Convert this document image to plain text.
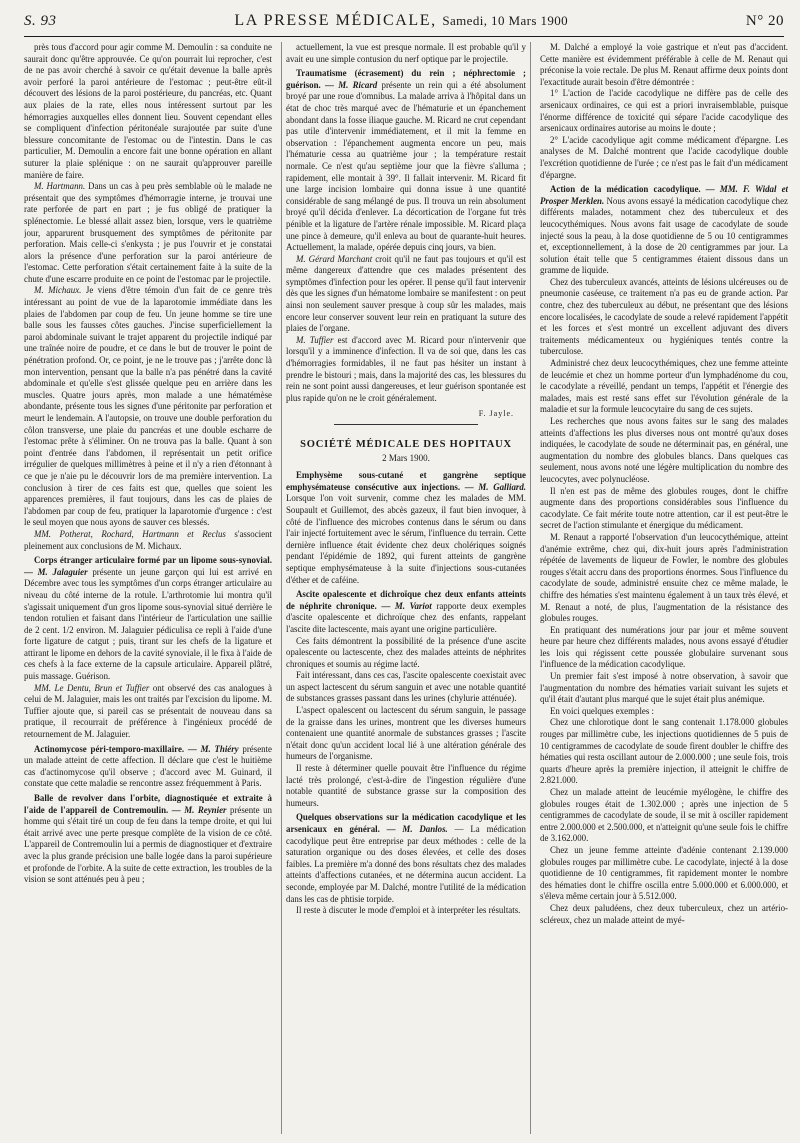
S. 93	LA PRESSE MÉDICALE, Samedi, 10 Mars 1900	N° 20

près tous d'accord pour agir comme M. Demoulin : sa conduite ne saurait donc qu'être approuvée. Ce qu'on pourrait lui reprocher, c'est de ne pas avoir cherché à savoir ce qu'était devenue la balle après avoir perforé la paroi antérieure de l'estomac ; peut-être eût-il découvert des lésions de la paroi postérieure, du pancréas, etc. Quant aux plaies de la rate, elles nous intéressent surtout par les hémorragies auxquelles elles donnent lieu. Souvent cependant elles se compliquent d'infection péritonéale surajoutée par suite d'une blessure concomitante de l'estomac ou de l'intestin. Dans le cas particulier, M. Demoulin a encore fait une bonne opération en allant suturer la plaie splénique : on ne saurait qu'approuver pareille manière de faire.

M. Hartmann. Dans un cas à peu près semblable où le malade ne présentait que des symptômes d'hémorragie interne, je trouvai une rate perforée de part en part ; je fus obligé de pratiquer la splénectomie. Le blessé allait assez bien, lorsque, vers le quatrième jour, apparurent brusquement des symptômes de péritonite par perforation. Mais celle-ci s'enkysta ; je pus l'ouvrir et je constatai alors la présence d'une perforation sur la paroi antérieure de l'estomac. Cette perforation s'était certainement faite à la suite de la chute d'une escarre produite en ce point de l'estomac par le projectile.

M. Michaux. Je viens d'être témoin d'un fait de ce genre très intéressant au point de vue de la laparotomie immédiate dans les plaies de l'abdomen par coup de feu. Un jeune homme se tire une balle sous les fausses côtes gauches. J'incise superficiellement la paroi abdominale suivant le trajet apparent du projectile indiqué par une traînée noire de poudre, et ce dans le but de trouver le point de pénétration profond. Or, ce point, je ne le trouve pas ; j'arrête donc là mon intervention, pensant que la balle n'a pas pénétré dans la cavité abdominale et qu'elle s'est glissée quelque peu en arrière dans les muscles. Quatre jours après, mon malade a une hématémèse abondante, présente tous les signes d'une péritonite par perforation et meurt le lendemain. A l'autopsie, on trouve une double perforation du côlon transverse, une plaie du pancréas et une double escharre de l'estomac prête à s'éliminer. On ne trouva pas la balle. Quant à son point d'entrée dans l'abdomen, il représentait un petit orifice irrégulier de quelques millimètres à peine et il n'y a rien d'étonnant à ce que je n'aie pu le découvrir lors de ma première intervention. La conclusion à tirer de ces faits est que, quelles que soient les apparences premières, il faut toujours, dans les cas de plaies de l'abdomen par coup de feu, pratiquer la laparotomie d'urgence : c'est le seul moyen que nous ayons de sauver ces blessés.

MM. Potherat, Rochard, Hartmann et Reclus s'associent pleinement aux conclusions de M. Michaux.

Corps étranger articulaire formé par un lipome sous-synovial. — M. Jalaguier présente un jeune garçon qui lui est arrivé en Décembre avec tous les symptômes d'un corps étranger articulaire au niveau du côté interne de la rotule. L'arthrotomie lui montra qu'il s'agissait uniquement d'un gros lipome sous-synovial situé derrière le tendon rotulien et faisant dans l'intérieur de l'articulation une saillie de 2 cent. 1/2 environ. M. Jalaguier pédiculisa ce repli à l'aide d'une forte ligature de catgut ; puis, tirant sur les chefs de la ligature et attirant le lipome en dehors de la cavité synoviale, il le fixa à l'aide de ces chefs à la face externe de la capsule articulaire. Appareil plâtré, puis massage. Guérison.

MM. Le Dentu, Brun et Tuffier ont observé des cas analogues à celui de M. Jalaguier, mais les ont traités par l'excision du lipome. M. Tuffier ajoute que, si pareil cas se présentait de nouveau dans sa pratique, il recourrait de préférence à l'ingénieux procédé de retournement de M. Jalaguier.

Actinomycose péri-temporo-maxillaire. — M. Thiéry présente un malade atteint de cette affection. Il déclare que c'est le huitième cas d'actinomycose qu'il observe ; d'accord avec M. Guinard, il constate que cette maladie se rencontre assez fréquemment à Paris.

Balle de revolver dans l'orbite, diagnostiquée et extraite à l'aide de l'appareil de Contremoulin. — M. Reynier présente un homme qui s'était tiré un coup de feu dans la tempe droite, et qui lui était arrivé avec une perte presque complète de la vision de ce côté. L'appareil de Contremoulin lui a permis de diagnostiquer et d'extraire avec la plus grande précision une balle logée dans la paroi supérieure et profonde de l'orbite. A la suite de cette extraction, les troubles de la vision se sont atténués peu à peu ;

actuellement, la vue est presque normale. Il est probable qu'il y avait eu une simple contusion du nerf optique par le projectile.

Traumatisme (écrasement) du rein ; néphrectomie ; guérison. — M. Ricard présente un rein qui a été absolument broyé par une roue d'omnibus. La malade arriva à l'hôpital dans un état de choc très marqué avec de l'hématurie et un épanchement abondant dans la fosse iliaque gauche. M. Ricard ne crut cependant pas utile d'intervenir immédiatement, et il mit la femme en observation : l'épanchement augmenta encore un peu, mais l'hématurie cessa au quatrième jour ; la température restait normale. Ce n'est qu'au septième jour que la fièvre s'alluma ; rapidement, elle montait à 39°. Il fallait intervenir. M. Ricard fit une large incision lombaire qui donna issue à une quantité considérable de sang mélangé de pus. Il trouva un rein absolument broyé qu'il décida d'enlever. La décortication de l'organe fut très pénible et la ligature de l'artère rénale impossible. M. Ricard plaça une pince à demeure, qu'il enleva au bout de quarante-huit heures. Actuellement, la malade, opérée depuis cinq jours, va bien.

M. Gérard Marchant croit qu'il ne faut pas toujours et qu'il est même dangereux d'attendre que ces malades présentent des symptômes d'infection pour les opérer. Il pense qu'il faut intervenir dès que les signes d'un hématome lombaire se manifestent : on peut ainsi non seulement sauver presque à coup sûr les malades, mais encore leur conserver souvent leur rein en pratiquant la suture des plaies de l'organe.

M. Tuffier est d'accord avec M. Ricard pour n'intervenir que lorsqu'il y a imminence d'infection. Il va de soi que, dans les cas d'hémorragies formidables, il ne faut pas hésiter un instant à prendre le bistouri ; mais, dans la majorité des cas, les blessures du rein ne sont point aussi dangereuses, et leur guérison spontanée est plus rapide qu'on ne le croit généralement.

F. Jayle.

SOCIÉTÉ MÉDICALE DES HOPITAUX

2 Mars 1900.

Emphysème sous-cutané et gangrène septique emphysémateuse consécutive aux injections. — M. Galliard. Lorsque l'on voit survenir, comme chez les malades de MM. Soupault et Guillemot, des abcès gazeux, il faut bien invoquer, à côté de l'influence des microbes contenus dans le sérum ou dans l'air injecté fortuitement avec le sérum, l'influence du terrain. Cette dernière influence était évidente chez deux cholériques soignés pendant l'épidémie de 1892, qui furent atteints de gangrène septique emphysémateuse à la suite d'injections sous-cutanées d'éther et de caféine.

Ascite opalescente et dichroïque chez deux enfants atteints de néphrite chronique. — M. Variot rapporte deux exemples d'ascite opalescente et dichroïque chez des enfants, rappelant l'ascite dite lactescente, mais ayant une origine particulière.

Ces faits démontrent la possibilité de la présence d'une ascite opalescente ou lactescente, chez des malades atteints de néphrites chroniques et soumis au régime lacté.

Fait intéressant, dans ces cas, l'ascite opalescente coexistait avec un aspect lactescent du sérum sanguin et avec une notable quantité de substances grasses passant dans les urines (chylurie atténuée).

L'aspect opalescent ou lactescent du sérum sanguin, le passage de la graisse dans les urines, montrent que les diverses humeurs contenaient une quantité anormale de substances grasses ; l'ascite n'était donc qu'un accident local lié à une altération générale des humeurs de l'organisme.

Il reste à déterminer quelle pouvait être l'influence du régime lacté très prolongé, c'est-à-dire de l'ingestion régulière d'une notable quantité de substance grasse sur la composition des humeurs.

Quelques observations sur la médication cacodylique et les arsenicaux en général. — M. Danlos. — La médication cacodylique peut être entreprise par deux méthodes : celle de la saturation organique ou des doses élevées, et celle des doses faibles. La première m'a donné des bons résultats chez des malades atteints d'affections cutanées, et ne détermina aucun accident. La seconde, employée par M. Dalché, montre l'utilité de la médication dans les cas de phtisie torpide.

Il reste à discuter le mode d'emploi et à interpréter les résultats.

M. Dalché a employé la voie gastrique et n'eut pas d'accident. Cette manière est évidemment préférable à celle de M. Renaut qui préconise la voie rectale. De plus M. Renaut affirme deux points dont l'exactitude aurait besoin d'être démontrée :

1° L'action de l'acide cacodylique ne diffère pas de celle des arsenicaux ordinaires, ce qui est a priori invraisemblable, puisque l'énorme différence de toxicité qui sépare l'acide cacodylique des arsenicaux ordinaires autorise au moins le doute ;

2° L'acide cacodylique agit comme médicament d'épargne. Les analyses de M. Dalché montrent que l'acide cacodylique double l'excrétion quotidienne de l'urée ; ce n'est pas le fait d'un médicament d'épargne.

Action de la médication cacodylique. — MM. F. Widal et Prosper Merklen. Nous avons essayé la médication cacodylique chez différents malades, notamment chez des tuberculeux et des leucocythémiques. Nous avons fait usage de cacodylate de soude injecté sous la peau, à la dose quotidienne de 5 ou 10 centigrammes et, exceptionnellement, à la dose de 20 centigrammes par jour. La solution était telle que 5 centigrammes étaient dissous dans un gramme de liquide.

Chez des tuberculeux avancés, atteints de lésions ulcéreuses ou de pneumonie caséeuse, ce traitement n'a pas eu de grande action. Par contre, chez des tuberculeux au début, ne présentant que des lésions encore localisées, le cacodylate de soude a relevé rapidement l'appétit et les forces et s'est montré un excellent adjuvant des divers traitements médicamenteux ou hygiéniques tentés contre la tuberculose.

Administré chez deux leucocythémiques, chez une femme atteinte de leucémie et chez un homme porteur d'un lymphadénome du cou, le cacodylate a réveillé, pendant un temps, l'appétit et l'énergie des malades, mais est resté sans effet sur l'évolution générale de la maladie et sur la formule leucocytaire du sang de ces sujets.

Les recherches que nous avons faites sur le sang des malades atteints d'affections les plus diverses nous ont montré qu'aux doses indiquées, le cacodylate de soude ne déterminait pas, en général, une augmentation du nombre des globules blancs. Dans quelques cas seulement, nous avons noté une légère multiplication du nombre des leucocytes, avec polynucléose.

Il n'en est pas de même des globules rouges, dont le chiffre augmente dans des proportions considérables sous l'influence du cacodylate. Ce fait mérite toute notre attention, car il est peut-être le secret de l'action stimulante et énergique du médicament.

M. Renaut a rapporté l'observation d'un leucocythémique, atteint d'anémie extrême, chez qui, dix-huit jours après l'administration répétée de lavements de liqueur de Fowler, le nombre des globules rouges s'était accru dans des proportions énormes. Sous l'influence du cacodylate de soude, administré ensuite chez ce même malade, le chiffre des hématies s'est maintenu également à un taux très élevé, et M. Renaut a noté, de plus, l'augmentation de la résistance des globules rouges.

En pratiquant des numérations jour par jour et même souvent heure par heure chez différents malades, nous avons essayé d'étudier les lois qui régissent cette poussée globulaire survenant sous l'influence de la médication cacodylique.

Un premier fait s'est imposé à notre observation, à savoir que l'augmentation du nombre des hématies variait suivant les sujets et qu'il était d'autant plus marqué que le sujet était plus anémique.

En voici quelques exemples :

Chez une chlorotique dont le sang contenait 1.178.000 globules rouges par millimètre cube, les injections quotidiennes de 5 puis de 10 centigrammes de cacodylate de soude firent doubler le chiffre des hématies qui resta oscillant autour de 2.000.000 ; une seule fois, trois quarts d'heure après la première injection, il atteignit le chiffre de 2.821.000.

Chez un malade atteint de leucémie myélogène, le chiffre des globules rouges était de 1.302.000 ; après une injection de 5 centigrammes de cacodylate de soude, il se mit à osciller rapidement entre 2.000.000 et 2.500.000, et n'atteignit qu'une seule fois le chiffre de 3.162.000.

Chez un jeune femme atteinte d'adénie contenant 2.139.000 globules rouges par millimètre cube. Le cacodylate, injecté à la dose quotidienne de 10 centigrammes, fit rapidement monter le nombre des hématies dont le chiffre oscilla entre 5.000.000 et 6.000.000, et s'éleva même certain jour à 5.512.000.

Chez deux paludéens, chez deux tuberculeux, chez un artério-scléreux, chez un malade atteint de myé-
